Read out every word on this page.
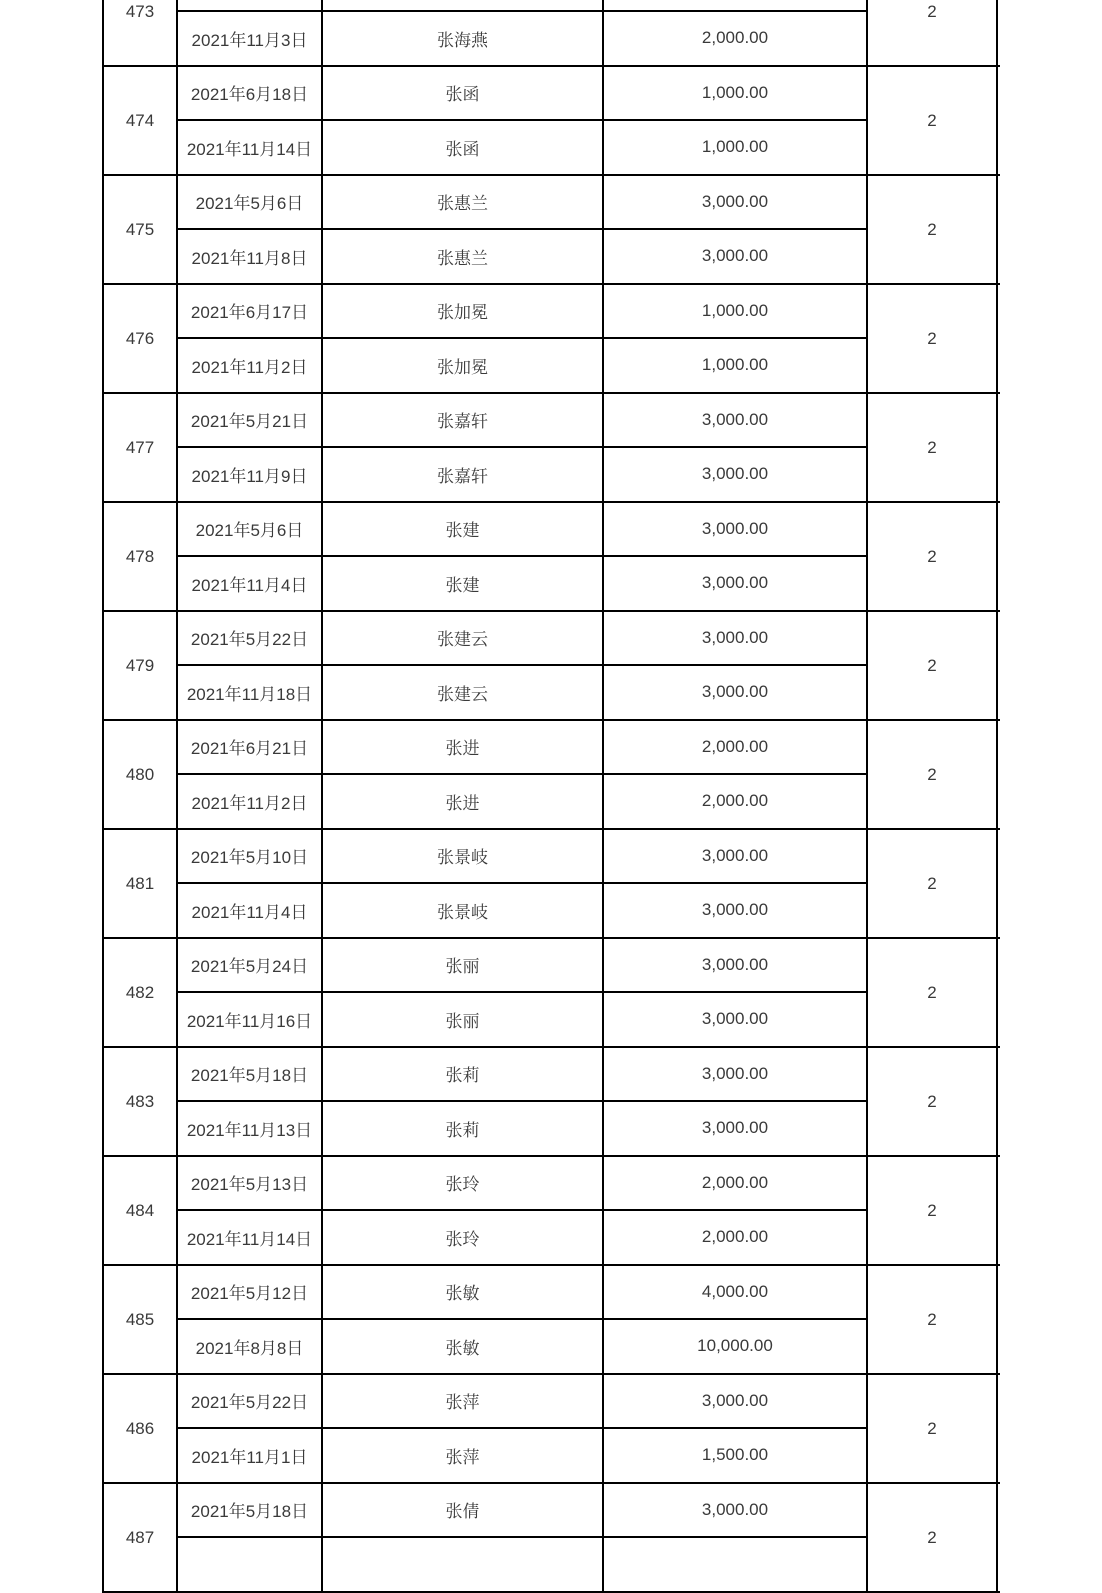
473
2021年11月3日	张海燕	2,000.00
2
474
2021年6月18日	张函	1,000.00
2021年11月14日	张函	1,000.00
2
475
2021年5月6日	张惠兰	3,000.00
2021年11月8日	张惠兰	3,000.00
2
476
2021年6月17日	张加冕	1,000.00
2021年11月2日	张加冕	1,000.00
2
477
2021年5月21日	张嘉轩	3,000.00
2021年11月9日	张嘉轩	3,000.00
2
478
2021年5月6日	张建	3,000.00
2021年11月4日	张建	3,000.00
2
479
2021年5月22日	张建云	3,000.00
2021年11月18日	张建云	3,000.00
2
480
2021年6月21日	张进	2,000.00
2021年11月2日	张进	2,000.00
2
481
2021年5月10日	张景岐	3,000.00
2021年11月4日	张景岐	3,000.00
2
482
2021年5月24日	张丽	3,000.00
2021年11月16日	张丽	3,000.00
2
483
2021年5月18日	张莉	3,000.00
2021年11月13日	张莉	3,000.00
2
484
2021年5月13日	张玲	2,000.00
2021年11月14日	张玲	2,000.00
2
485
2021年5月12日	张敏	4,000.00
2021年8月8日	张敏	10,000.00
2
486
2021年5月22日	张萍	3,000.00
2021年11月1日	张萍	1,500.00
2
487
2021年5月18日	张倩	3,000.00
2
